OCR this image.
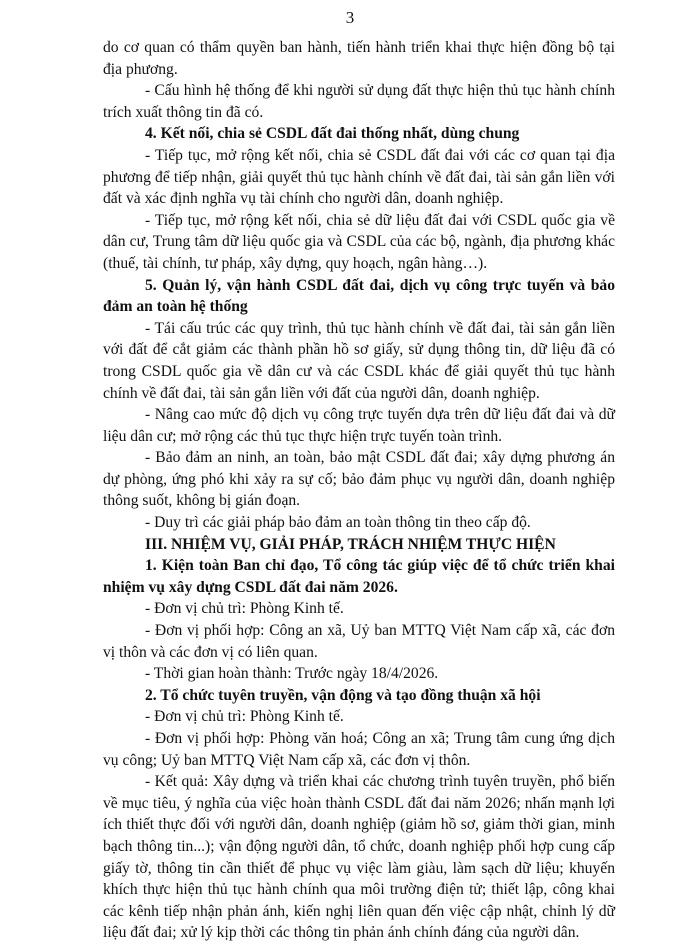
3

do cơ quan có thẩm quyền ban hành, tiến hành triển khai thực hiện đồng bộ tại địa phương.

- Cấu hình hệ thống để khi người sử dụng đất thực hiện thủ tục hành chính trích xuất thông tin đã có.

4. Kết nối, chia sẻ CSDL đất đai thống nhất, dùng chung

- Tiếp tục, mở rộng kết nối, chia sẻ CSDL đất đai với các cơ quan tại địa phương để tiếp nhận, giải quyết thủ tục hành chính về đất đai, tài sản gắn liền với đất và xác định nghĩa vụ tài chính cho người dân, doanh nghiệp.

- Tiếp tục, mở rộng kết nối, chia sẻ dữ liệu đất đai với CSDL quốc gia về dân cư, Trung tâm dữ liệu quốc gia và CSDL của các bộ, ngành, địa phương khác (thuế, tài chính, tư pháp, xây dựng, quy hoạch, ngân hàng…).

5. Quản lý, vận hành CSDL đất đai, dịch vụ công trực tuyến và bảo đảm an toàn hệ thống

- Tái cấu trúc các quy trình, thủ tục hành chính về đất đai, tài sản gắn liền với đất để cắt giảm các thành phần hồ sơ giấy, sử dụng thông tin, dữ liệu đã có trong CSDL quốc gia về dân cư và các CSDL khác để giải quyết thủ tục hành chính về đất đai, tài sản gắn liền với đất của người dân, doanh nghiệp.

- Nâng cao mức độ dịch vụ công trực tuyến dựa trên dữ liệu đất đai và dữ liệu dân cư; mở rộng các thủ tục thực hiện trực tuyến toàn trình.

- Bảo đảm an ninh, an toàn, bảo mật CSDL đất đai; xây dựng phương án dự phòng, ứng phó khi xảy ra sự cố; bảo đảm phục vụ người dân, doanh nghiệp thông suốt, không bị gián đoạn.

- Duy trì các giải pháp bảo đảm an toàn thông tin theo cấp độ.

III. NHIỆM VỤ, GIẢI PHÁP, TRÁCH NHIỆM THỰC HIỆN

1. Kiện toàn Ban chỉ đạo, Tổ công tác giúp việc để tổ chức triển khai nhiệm vụ xây dựng CSDL đất đai năm 2026.

- Đơn vị chủ trì: Phòng Kinh tế.

- Đơn vị phối hợp: Công an xã, Uỷ ban MTTQ Việt Nam cấp xã, các đơn vị thôn và các đơn vị có liên quan.

- Thời gian hoàn thành: Trước ngày 18/4/2026.

2. Tổ chức tuyên truyền, vận động và tạo đồng thuận xã hội

- Đơn vị chủ trì: Phòng Kinh tế.

- Đơn vị phối hợp: Phòng văn hoá; Công an xã; Trung tâm cung ứng dịch vụ công; Uỷ ban MTTQ Việt Nam cấp xã, các đơn vị thôn.

- Kết quả: Xây dựng và triển khai các chương trình tuyên truyền, phổ biến về mục tiêu, ý nghĩa của việc hoàn thành CSDL đất đai năm 2026; nhấn mạnh lợi ích thiết thực đối với người dân, doanh nghiệp (giảm hồ sơ, giảm thời gian, minh bạch thông tin...); vận động người dân, tổ chức, doanh nghiệp phối hợp cung cấp giấy tờ, thông tin cần thiết để phục vụ việc làm giàu, làm sạch dữ liệu; khuyến khích thực hiện thủ tục hành chính qua môi trường điện tử; thiết lập, công khai các kênh tiếp nhận phản ánh, kiến nghị liên quan đến việc cập nhật, chỉnh lý dữ liệu đất đai; xử lý kịp thời các thông tin phản ánh chính đáng của người dân.
